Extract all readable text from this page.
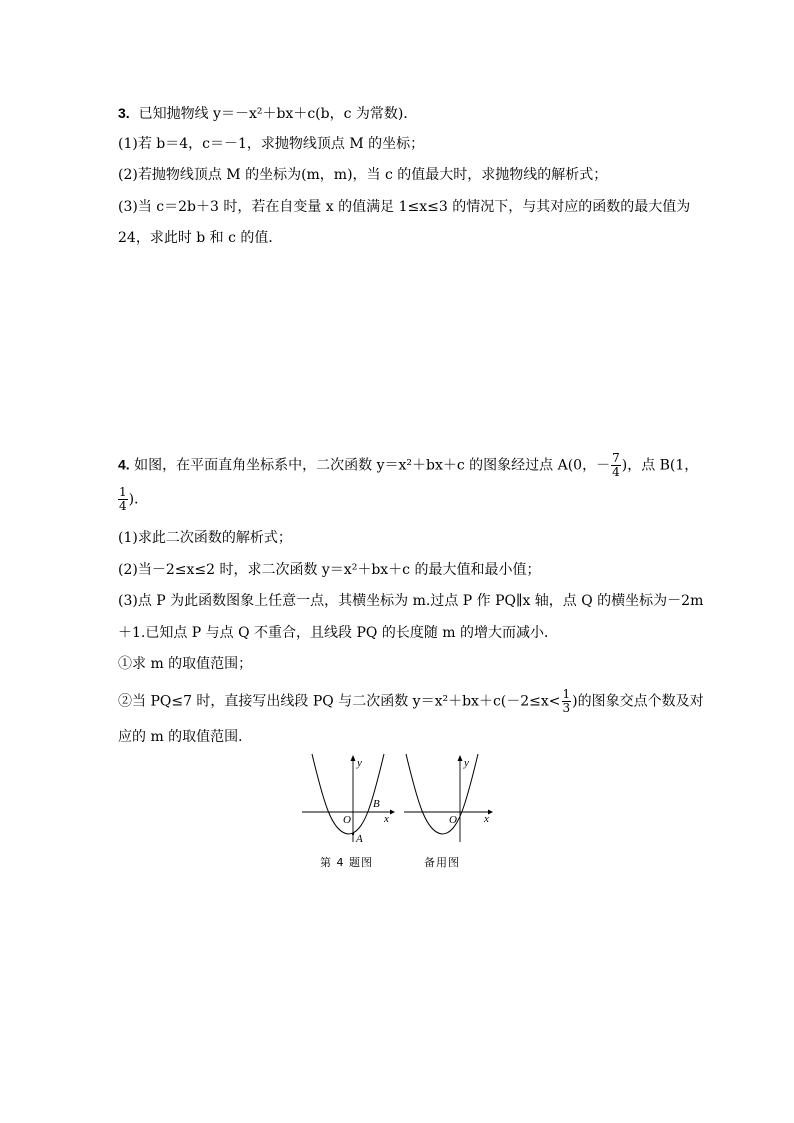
3. 已知抛物线 y＝－x²＋bx＋c(b，c 为常数)．
(1)若 b＝4，c＝－1，求抛物线顶点 M 的坐标；
(2)若抛物线顶点 M 的坐标为(m，m)，当 c 的值最大时，求抛物线的解析式；
(3)当 c＝2b＋3 时，若在自变量 x 的值满足 1≤x≤3 的情况下，与其对应的函数的最大值为
24，求此时 b 和 c 的值．
4. 如图，在平面直角坐标系中，二次函数 y＝x²＋bx＋c 的图象经过点 A(0，－ $\frac{7}{4}$ )，点 B(1，
$\frac{1}{4}$ )．
(1)求此二次函数的解析式；
(2)当－2≤x≤2 时，求二次函数 y＝x²＋bx＋c 的最大值和最小值；
(3)点 P 为此函数图象上任意一点，其横坐标为 m.过点 P 作 PQ∥x 轴，点 Q 的横坐标为－2m
＋1.已知点 P 与点 Q 不重合，且线段 PQ 的长度随 m 的增大而减小．
①求 m 的取值范围；
②当 PQ≤7 时，直接写出线段 PQ 与二次函数 $y=x^2+bx+c(-2\le x< \frac{1}{3}$ )的图象交点个数及对
应的 m 的取值范围．
y
x
O
A
B
第 4 题图
y
x
O
备用图
